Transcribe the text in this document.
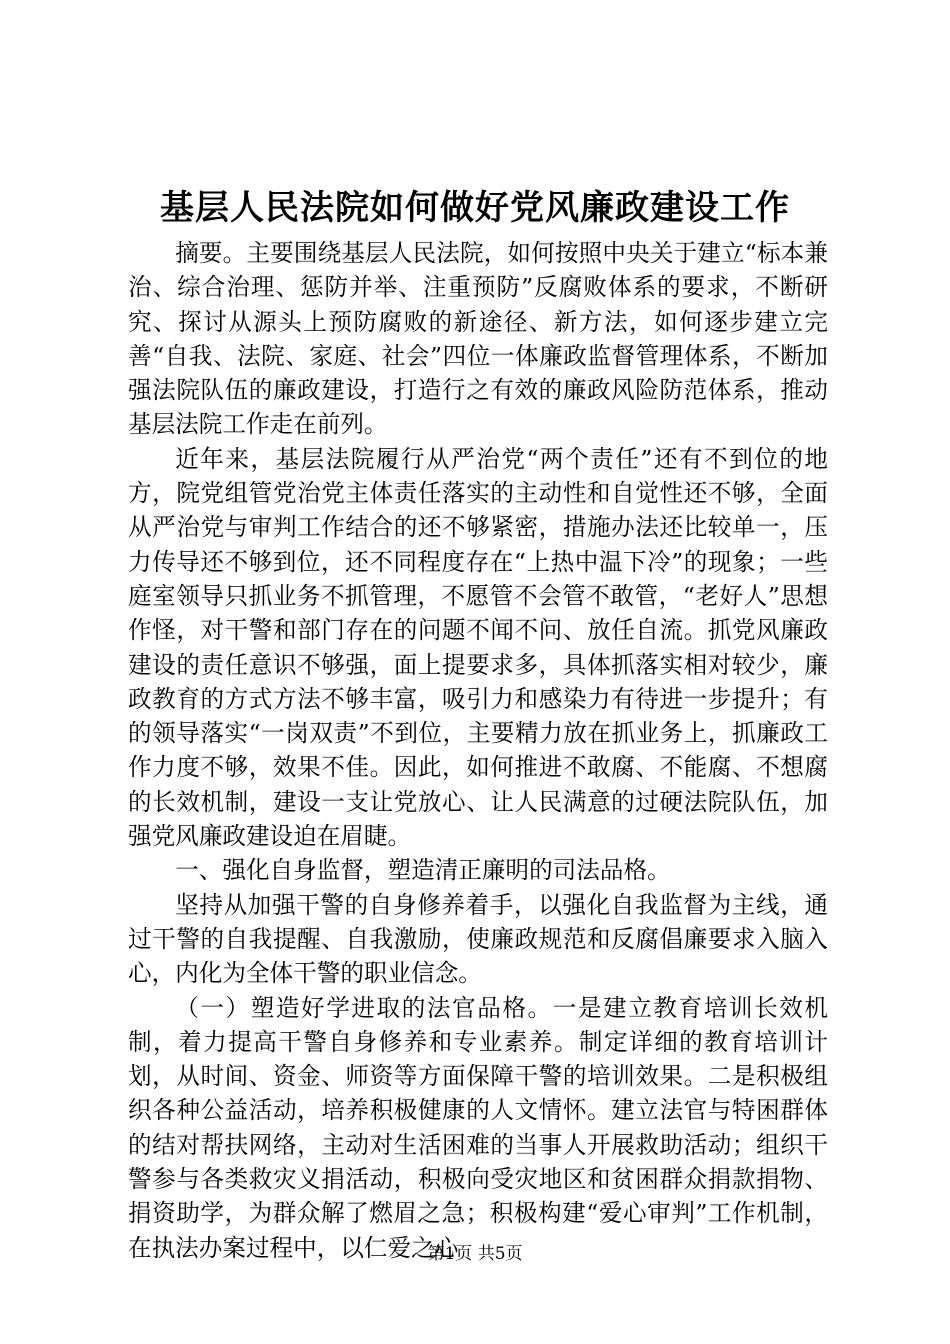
基层人民法院如何做好党风廉政建设工作

摘要。主要围绕基层人民法院，如何按照中央关于建立“标本兼治、综合治理、惩防并举、注重预防”反腐败体系的要求，不断研究、探讨从源头上预防腐败的新途径、新方法，如何逐步建立完善“自我、法院、家庭、社会”四位一体廉政监督管理体系，不断加强法院队伍的廉政建设，打造行之有效的廉政风险防范体系，推动基层法院工作走在前列。

近年来，基层法院履行从严治党“两个责任”还有不到位的地方，院党组管党治党主体责任落实的主动性和自觉性还不够，全面从严治党与审判工作结合的还不够紧密，措施办法还比较单一，压力传导还不够到位，还不同程度存在“上热中温下冷”的现象；一些庭室领导只抓业务不抓管理，不愿管不会管不敢管，“老好人”思想作怪，对干警和部门存在的问题不闻不问、放任自流。抓党风廉政建设的责任意识不够强，面上提要求多，具体抓落实相对较少，廉政教育的方式方法不够丰富，吸引力和感染力有待进一步提升；有的领导落实“一岗双责”不到位，主要精力放在抓业务上，抓廉政工作力度不够，效果不佳。因此，如何推进不敢腐、不能腐、不想腐的长效机制，建设一支让党放心、让人民满意的过硬法院队伍，加强党风廉政建设迫在眉睫。

一、强化自身监督，塑造清正廉明的司法品格。

坚持从加强干警的自身修养着手，以强化自我监督为主线，通过干警的自我提醒、自我激励，使廉政规范和反腐倡廉要求入脑入心，内化为全体干警的职业信念。

（一）塑造好学进取的法官品格。一是建立教育培训长效机制，着力提高干警自身修养和专业素养。制定详细的教育培训计划，从时间、资金、师资等方面保障干警的培训效果。二是积极组织各种公益活动，培养积极健康的人文情怀。建立法官与特困群体的结对帮扶网络，主动对生活困难的当事人开展救助活动；组织干警参与各类救灾义捐活动，积极向受灾地区和贫困群众捐款捐物、捐资助学，为群众解了燃眉之急；积极构建“爱心审判”工作机制，在执法办案过程中，以仁爱之心

第1页 共5页
